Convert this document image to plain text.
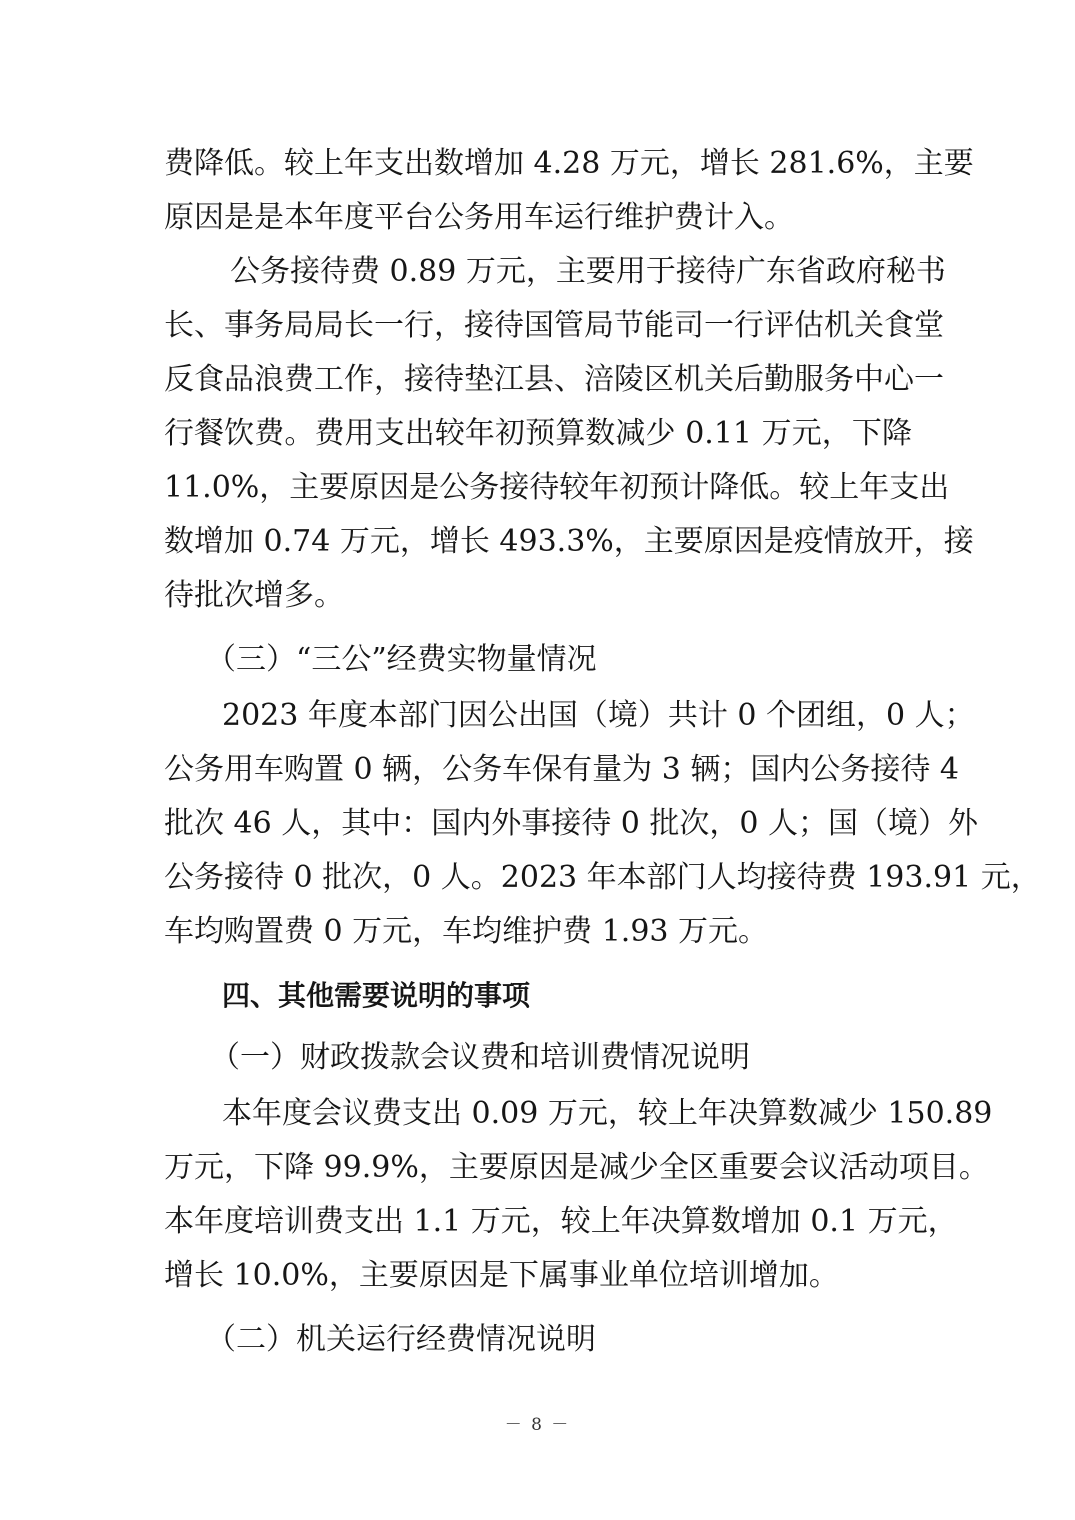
费降低。较上年支出数增加 4.28 万元，增长 281.6%，主要
原因是是本年度平台公务用车运行维护费计入。
公务接待费 0.89 万元，主要用于接待广东省政府秘书
长、事务局局长一行，接待国管局节能司一行评估机关食堂
反食品浪费工作，接待垫江县、涪陵区机关后勤服务中心一
行餐饮费。费用支出较年初预算数减少 0.11 万元，下降
11.0%，主要原因是公务接待较年初预计降低。较上年支出
数增加 0.74 万元，增长 493.3%，主要原因是疫情放开，接
待批次增多。
（三）“三公”经费实物量情况
2023 年度本部门因公出国（境）共计 0 个团组，0 人；
公务用车购置 0 辆，公务车保有量为 3 辆；国内公务接待 4
批次 46 人，其中：国内外事接待 0 批次，0 人；国（境）外
公务接待 0 批次，0 人。2023 年本部门人均接待费 193.91 元，
车均购置费 0 万元，车均维护费 1.93 万元。
四、其他需要说明的事项
（一）财政拨款会议费和培训费情况说明
本年度会议费支出 0.09 万元，较上年决算数减少 150.89
万元，下降 99.9%，主要原因是减少全区重要会议活动项目。
本年度培训费支出 1.1 万元，较上年决算数增加 0.1 万元，
增长 10.0%，主要原因是下属事业单位培训增加。
（二）机关运行经费情况说明
－ 8 －
